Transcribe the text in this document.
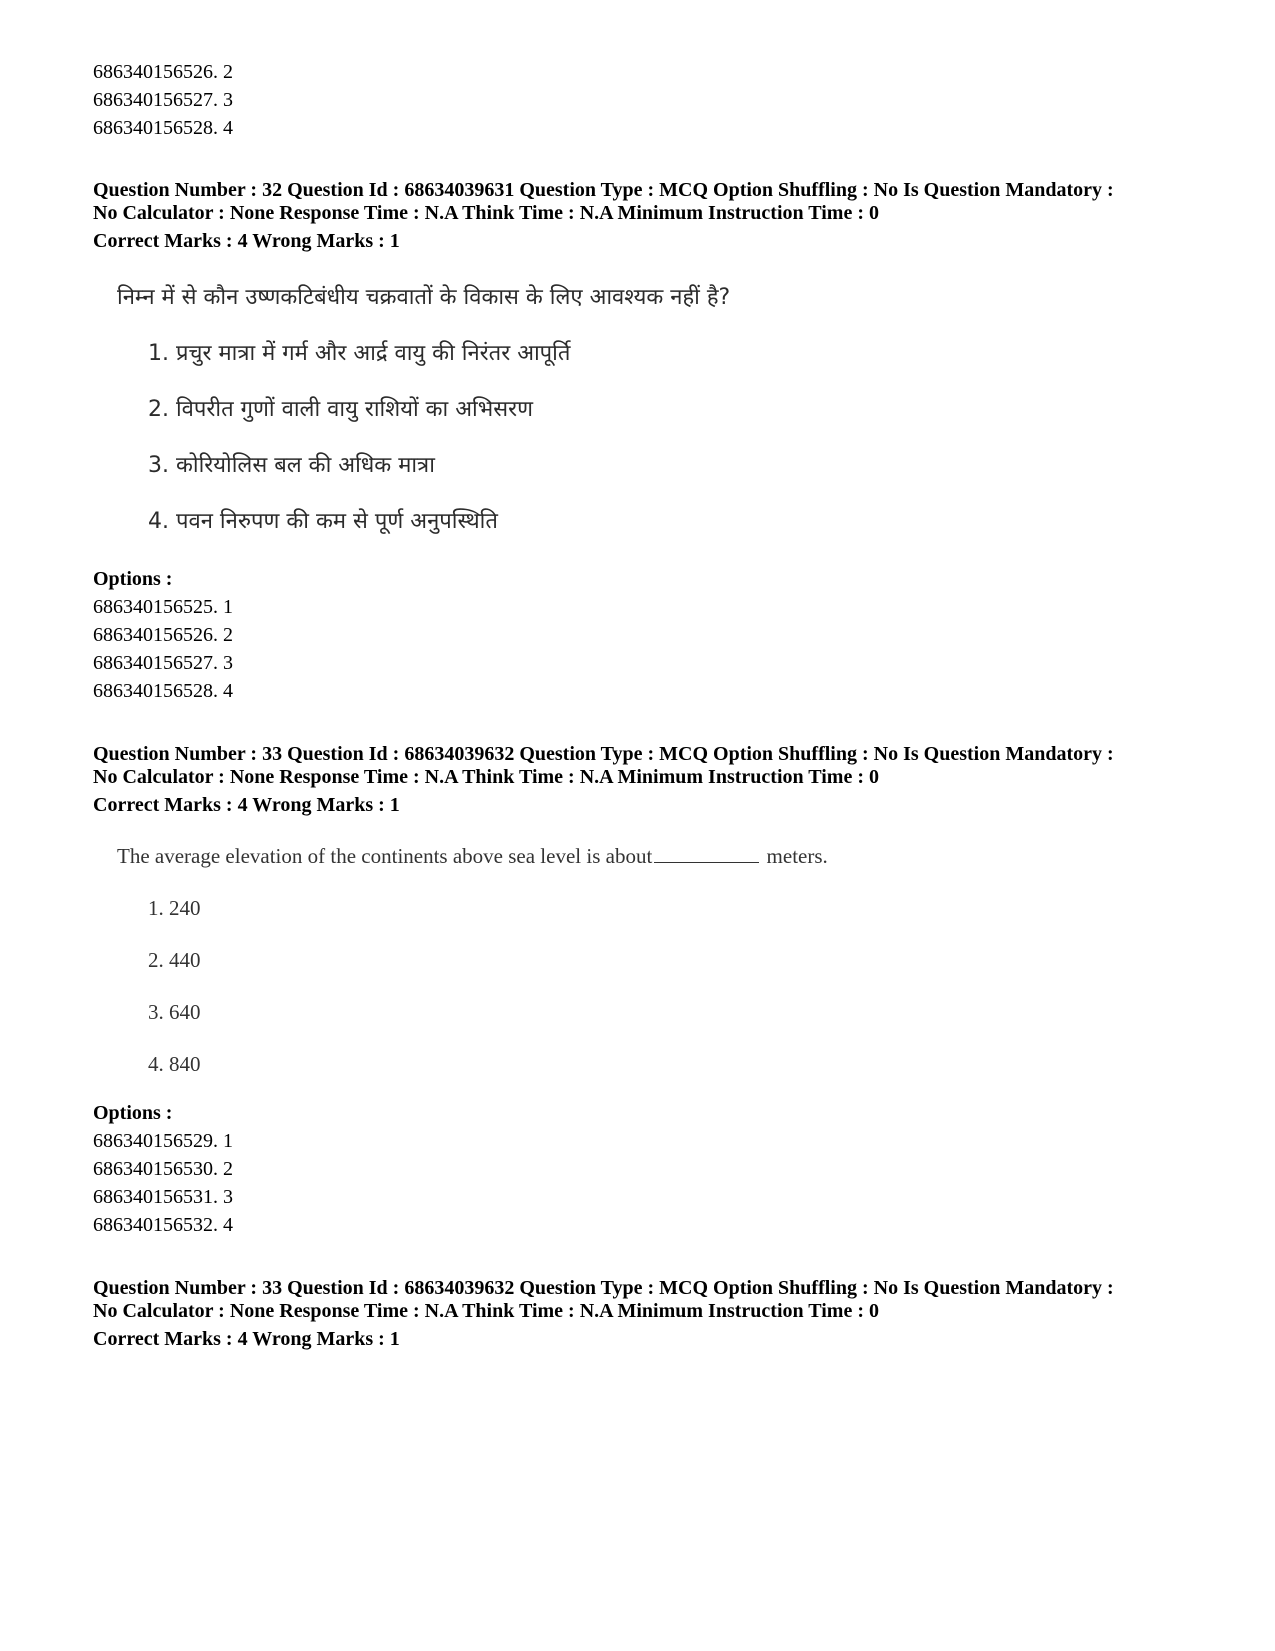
686340156526. 2
686340156527. 3
686340156528. 4
Question Number : 32 Question Id : 68634039631 Question Type : MCQ Option Shuffling : No Is Question Mandatory :
No Calculator : None Response Time : N.A Think Time : N.A Minimum Instruction Time : 0
Correct Marks : 4 Wrong Marks : 1
निम्न में से कौन उष्णकटिबंधीय चक्रवातों के विकास के लिए आवश्यक नहीं है?
1. प्रचुर मात्रा में गर्म और आर्द्र वायु की निरंतर आपूर्ति
2. विपरीत गुणों वाली वायु राशियों का अभिसरण
3. कोरियोलिस बल की अधिक मात्रा
4. पवन निरुपण की कम से पूर्ण अनुपस्थिति
Options :
686340156525. 1
686340156526. 2
686340156527. 3
686340156528. 4
Question Number : 33 Question Id : 68634039632 Question Type : MCQ Option Shuffling : No Is Question Mandatory :
No Calculator : None Response Time : N.A Think Time : N.A Minimum Instruction Time : 0
Correct Marks : 4 Wrong Marks : 1
The average elevation of the continents above sea level is about	meters.
1. 240
2. 440
3. 640
4. 840
Options :
686340156529. 1
686340156530. 2
686340156531. 3
686340156532. 4
Question Number : 33 Question Id : 68634039632 Question Type : MCQ Option Shuffling : No Is Question Mandatory :
No Calculator : None Response Time : N.A Think Time : N.A Minimum Instruction Time : 0
Correct Marks : 4 Wrong Marks : 1
